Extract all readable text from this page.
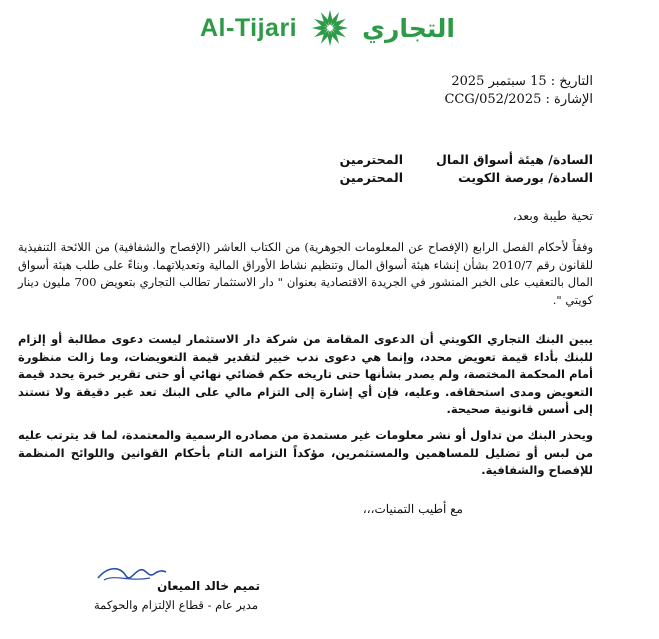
Al-Tijari	التجاري

التاريخ : 15 سبتمبر 2025

الإشارة : CCG/052/2025

السادة/ هيئة أسواق المال
المحترمين
السادة/ بورصة الكويت
المحترمين

تحية طيبة وبعد،

وفقاً لأحكام الفصل الرابع (الإفصاح عن المعلومات الجوهرية) من الكتاب العاشر (الإفصاح والشفافية) من اللائحة التنفيذية للقانون رقم 2010/7 بشأن إنشاء هيئة أسواق المال وتنظيم نشاط الأوراق المالية وتعديلاتهما. وبناءً على طلب هيئة أسواق المال بالتعقيب على الخبر المنشور في الجريدة الاقتصادية بعنوان " دار الاستثمار تطالب التجاري بتعويض 700 مليون دينار كويتي ".

يبين البنك التجاري الكويتي أن الدعوى المقامة من شركة دار الاستثمار ليست دعوى مطالبة أو إلزام للبنك بأداء قيمة تعويض محدد، وإنما هي دعوى ندب خبير لتقدير قيمة التعويضات، وما زالت منظورة أمام المحكمة المختصة، ولم يصدر بشأنها حتى تاريخه حكم قضائي نهائي أو حتى تقرير خبرة يحدد قيمة التعويض ومدى استحقاقه. وعليه، فإن أي إشارة إلى التزام مالي على البنك تعد غير دقيقة ولا تستند إلى أسس قانونية صحيحة.

ويحذر البنك من تداول أو نشر معلومات غير مستمدة من مصادره الرسمية والمعتمدة، لما قد يترتب عليه من لبس أو تضليل للمساهمين والمستثمرين، مؤكداً التزامه التام بأحكام القوانين واللوائح المنظمة للإفصاح والشفافية.

مع أطيب التمنيات،،،

تميم خالد الميعان

مدير عام - قطاع الإلتزام والحوكمة
